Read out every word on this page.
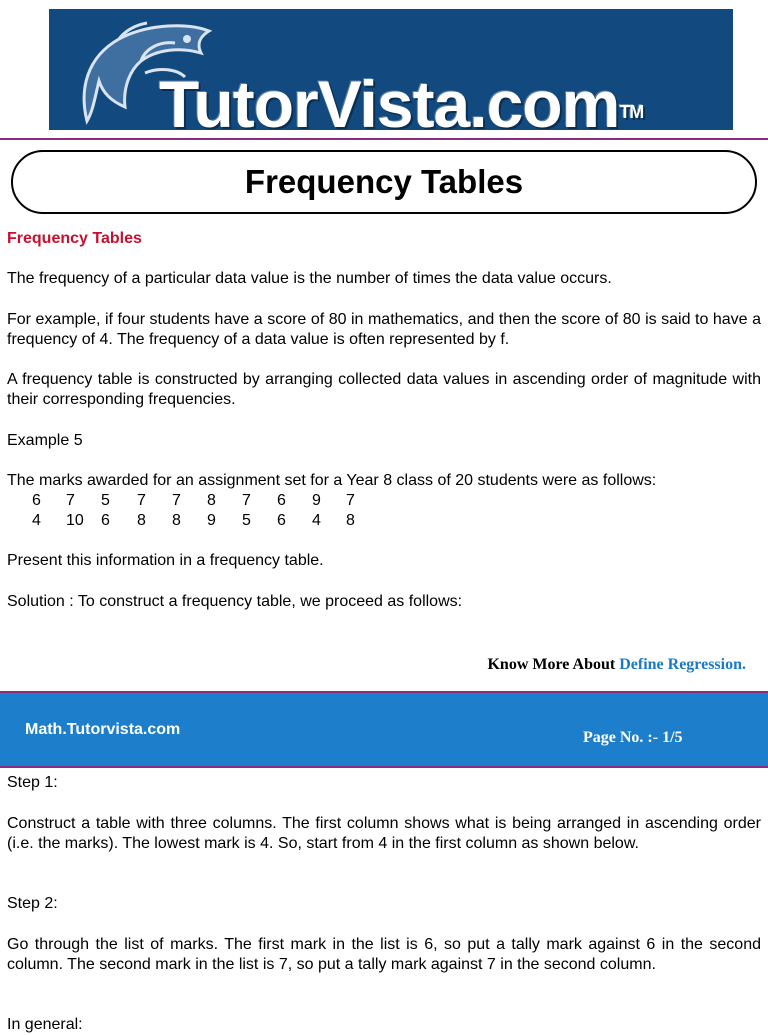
TutorVista.com™
Frequency Tables
Frequency Tables

The frequency of a particular data value is the number of times the data value occurs.

For example, if four students have a score of 80 in mathematics, and then the score of 80 is said to have a frequency of 4. The frequency of a data value is often represented by f.

A frequency table is constructed by arranging collected data values in ascending order of magnitude with their corresponding frequencies.

Example 5

The marks awarded for an assignment set for a Year 8 class of 20 students were as follows:

6 7 5 7 7 8 7 6 9 7
4 10 6 8 8 9 5 6 4 8

Present this information in a frequency table.

Solution : To construct a frequency table, we proceed as follows:

Know More About Define Regression.
Math.Tutorvista.com	Page No. :- 1/5

Step 1:

Construct a table with three columns. The first column shows what is being arranged in ascending order (i.e. the marks). The lowest mark is 4. So, start from 4 in the first column as shown below.

Step 2:

Go through the list of marks. The first mark in the list is 6, so put a tally mark against 6 in the second column. The second mark in the list is 7, so put a tally mark against 7 in the second column.

In general:
